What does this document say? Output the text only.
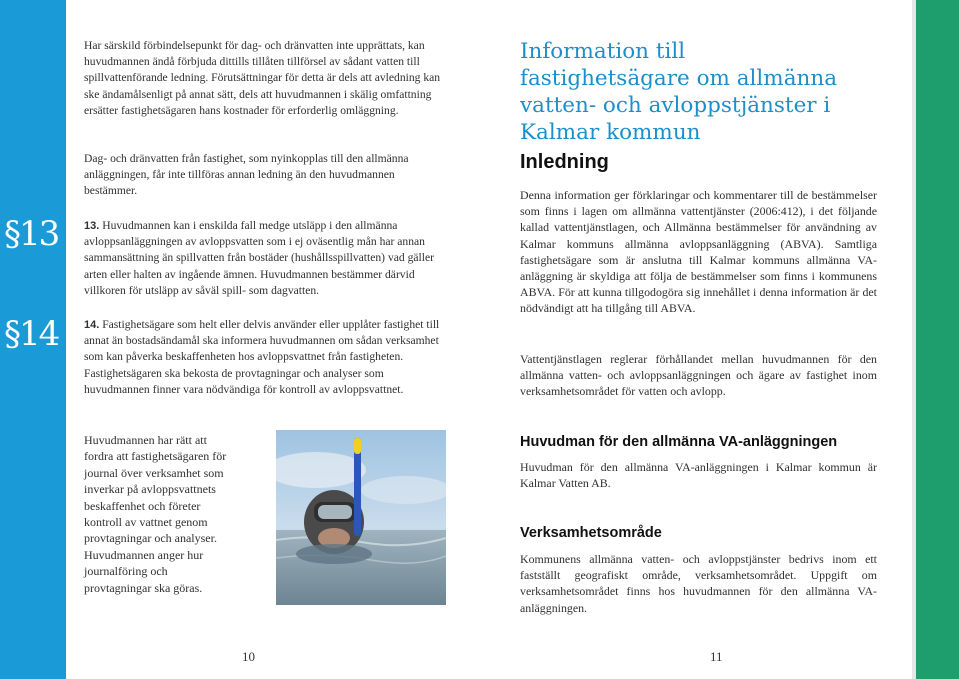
§13
§14

Har särskild förbindelsepunkt för dag- och dränvatten inte upprättats, kan huvudmannen ändå förbjuda dittills tillåten tillförsel av sådant vatten till spillvattenförande ledning. Förutsättningar för detta är dels att avledning kan ske ändamålsenligt på annat sätt, dels att huvudmannen i skälig omfattning ersätter fastighetsägaren hans kostnader för erforderlig omläggning.

Dag- och dränvatten från fastighet, som nyinkopplas till den allmänna anläggningen, får inte tillföras annan ledning än den huvudmannen bestämmer.

13. Huvudmannen kan i enskilda fall medge utsläpp i den allmänna avloppsanläggningen av avloppsvatten som i ej oväsentlig mån har annan sammansättning än spillvatten från bostäder (hushållsspillvatten) vad gäller arten eller halten av ingående ämnen. Huvudmannen bestämmer därvid villkoren för utsläpp av såväl spill- som dagvatten.

14. Fastighetsägare som helt eller delvis använder eller upplåter fastighet till annat än bostadsändamål ska informera huvudmannen om sådan verksamhet som kan påverka beskaffenheten hos avloppsvattnet från fastigheten. Fastighetsägaren ska bekosta de provtagningar och analyser som huvudmannen finner vara nödvändiga för kontroll av avloppsvattnet.

Huvudmannen har rätt att fordra att fastighetsägaren för journal över verksamhet som inverkar på avloppsvattnets beskaffenhet och företer kontroll av vattnet genom provtagningar och analyser. Huvudmannen anger hur journalföring och provtagningar ska göras.

10
Information till fastighetsägare om allmänna vatten- och avloppstjänster i Kalmar kommun
Inledning

Denna information ger förklaringar och kommentarer till de bestämmelser som finns i lagen om allmänna vattentjänster (2006:412), i det följande kallad vattentjänstlagen, och Allmänna bestämmelser för användning av Kalmar kommuns allmänna avloppsanläggning (ABVA). Samtliga fastighetsägare som är anslutna till Kalmar kommuns allmänna VA-anläggning är skyldiga att följa de bestämmelser som finns i kommunens ABVA. För att kunna tillgodogöra sig innehållet i denna information är det nödvändigt att ha tillgång till ABVA.

Vattentjänstlagen reglerar förhållandet mellan huvudmannen för den allmänna vatten- och avloppsanläggningen och ägare av fastighet inom verksamhetsområdet för vatten och avlopp.

Huvudman för den allmänna VA-anläggningen

Huvudman för den allmänna VA-anläggningen i Kalmar kommun är Kalmar Vatten AB.

Verksamhetsområde

Kommunens allmänna vatten- och avloppstjänster bedrivs inom ett fastställt geografiskt område, verksamhetsområdet. Uppgift om verksamhetsområdet finns hos huvudmannen för den allmänna VA-anläggningen.

11
